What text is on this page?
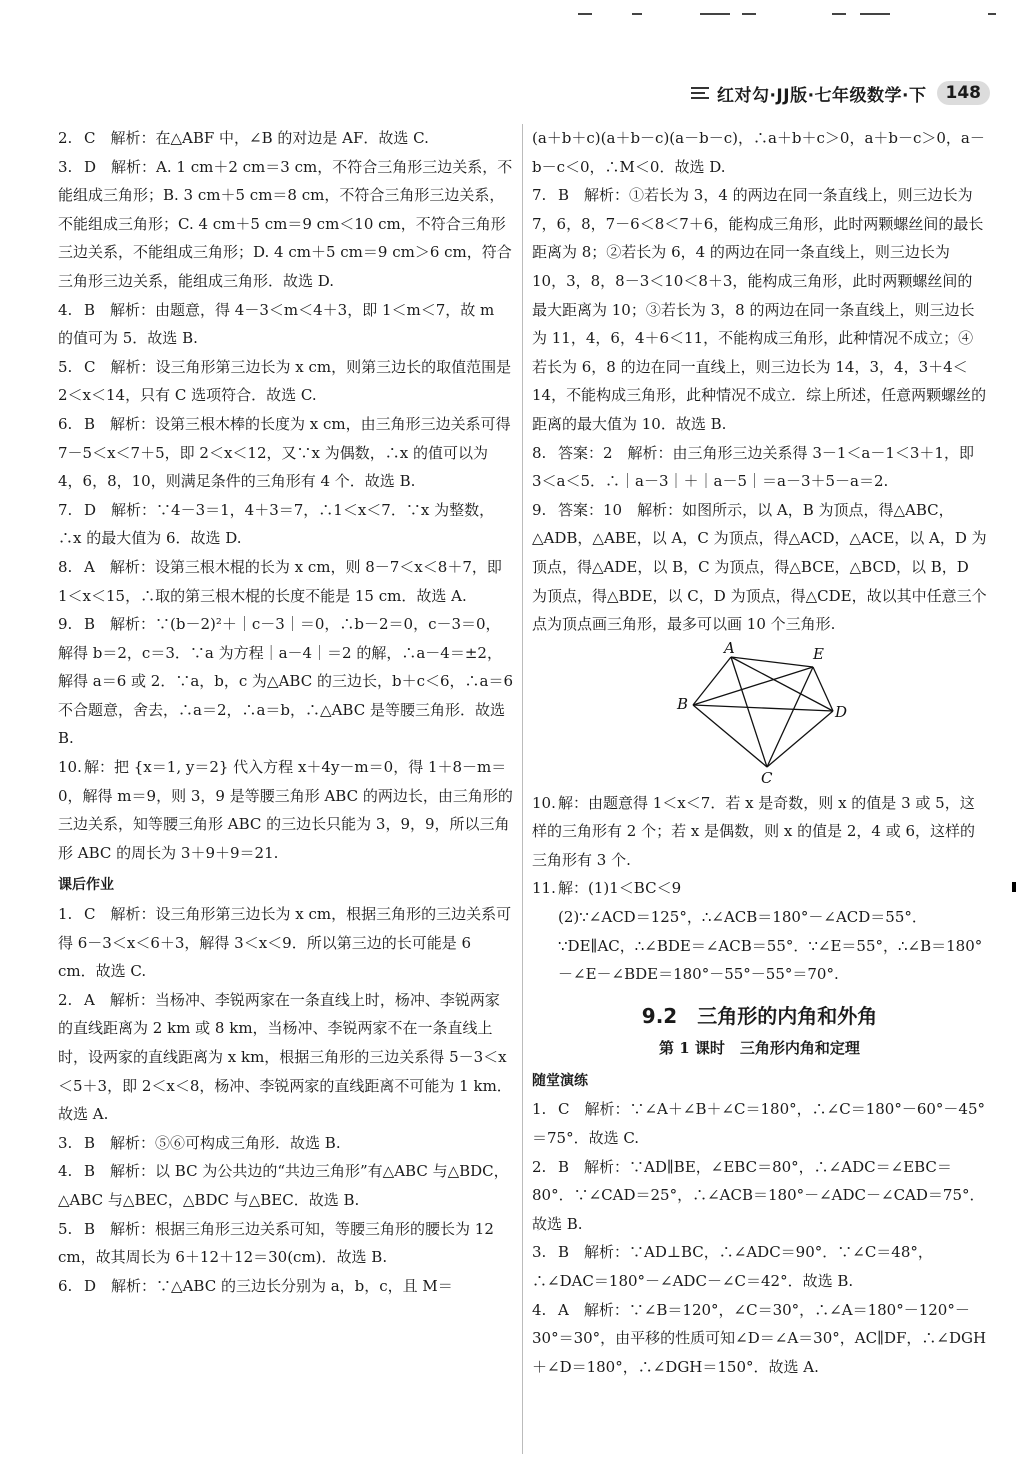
红对勾·JJ版·七年级数学·下	148
2. C　解析：在△ABF 中，∠B 的对边是 AF．故选 C.
3. D　解析：A. 1 cm＋2 cm＝3 cm，不符合三角形三边关系，不能组成三角形；B. 3 cm＋5 cm＝8 cm，不符合三角形三边关系，不能组成三角形；C. 4 cm＋5 cm＝9 cm＜10 cm，不符合三角形三边关系，不能组成三角形；D. 4 cm＋5 cm＝9 cm＞6 cm，符合三角形三边关系，能组成三角形．故选 D.
4. B　解析：由题意，得 4－3＜m＜4＋3，即 1＜m＜7，故 m 的值可为 5．故选 B.
5. C　解析：设三角形第三边长为 x cm，则第三边长的取值范围是 2＜x＜14，只有 C 选项符合．故选 C.
6. B　解析：设第三根木棒的长度为 x cm，由三角形三边关系可得 7－5＜x＜7＋5，即 2＜x＜12，又∵x 为偶数，∴x 的值可以为 4，6，8，10，则满足条件的三角形有 4 个．故选 B.
7. D　解析：∵4－3＝1，4＋3＝7，∴1＜x＜7．∵x 为整数，∴x 的最大值为 6．故选 D.
8. A　解析：设第三根木棍的长为 x cm，则 8－7＜x＜8＋7，即 1＜x＜15，∴取的第三根木棍的长度不能是 15 cm．故选 A.
9. B　解析：∵(b－2)²＋｜c－3｜＝0，∴b－2＝0，c－3＝0，解得 b＝2，c＝3．∵a 为方程｜a－4｜＝2 的解，∴a－4＝±2，解得 a＝6 或 2．∵a，b，c 为△ABC 的三边长，b＋c＜6，∴a＝6 不合题意，舍去，∴a＝2，∴a＝b，∴△ABC 是等腰三角形．故选 B.
10. 解：把 {x＝1, y＝2} 代入方程 x＋4y－m＝0，得 1＋8－m＝0，解得 m＝9，则 3，9 是等腰三角形 ABC 的两边长，由三角形的三边关系，知等腰三角形 ABC 的三边长只能为 3，9，9，所以三角形 ABC 的周长为 3＋9＋9＝21.
课后作业
1. C　解析：设三角形第三边长为 x cm，根据三角形的三边关系可得 6－3＜x＜6＋3，解得 3＜x＜9．所以第三边的长可能是 6 cm．故选 C.
2. A　解析：当杨冲、李锐两家在一条直线上时，杨冲、李锐两家的直线距离为 2 km 或 8 km，当杨冲、李锐两家不在一条直线上时，设两家的直线距离为 x km，根据三角形的三边关系得 5－3＜x＜5＋3，即 2＜x＜8，杨冲、李锐两家的直线距离不可能为 1 km．故选 A.
3. B　解析：⑤⑥可构成三角形．故选 B.
4. B　解析：以 BC 为公共边的“共边三角形”有△ABC 与△BDC，△ABC 与△BEC，△BDC 与△BEC．故选 B.
5. B　解析：根据三角形三边关系可知，等腰三角形的腰长为 12 cm，故其周长为 6＋12＋12＝30(cm)．故选 B.
6. D　解析：∵△ABC 的三边长分别为 a，b，c，且 M＝
(a＋b＋c)(a＋b－c)(a－b－c)，∴a＋b＋c＞0，a＋b－c＞0，a－b－c＜0，∴M＜0．故选 D.
7. B　解析：①若长为 3，4 的两边在同一条直线上，则三边长为 7，6，8，7－6＜8＜7＋6，能构成三角形，此时两颗螺丝间的最长距离为 8；②若长为 6，4 的两边在同一条直线上，则三边长为 10，3，8，8－3＜10＜8＋3，能构成三角形，此时两颗螺丝间的最大距离为 10；③若长为 3，8 的两边在同一条直线上，则三边长为 11，4，6，4＋6＜11，不能构成三角形，此种情况不成立；④若长为 6，8 的边在同一直线上，则三边长为 14，3，4，3＋4＜14，不能构成三角形，此种情况不成立．综上所述，任意两颗螺丝的距离的最大值为 10．故选 B.
8. 答案：2　解析：由三角形三边关系得 3－1＜a－1＜3＋1，即 3＜a＜5．∴｜a－3｜＋｜a－5｜＝a－3＋5－a＝2.
9. 答案：10　解析：如图所示，以 A，B 为顶点，得△ABC，△ADB，△ABE，以 A，C 为顶点，得△ACD，△ACE，以 A，D 为顶点，得△ADE，以 B，C 为顶点，得△BCE，△BCD，以 B，D 为顶点，得△BDE，以 C，D 为顶点，得△CDE，故以其中任意三个点为顶点画三角形，最多可以画 10 个三角形.
A	E
B	D
C
10. 解：由题意得 1＜x＜7．若 x 是奇数，则 x 的值是 3 或 5，这样的三角形有 2 个；若 x 是偶数，则 x 的值是 2，4 或 6，这样的三角形有 3 个.
11. 解：(1)1＜BC＜9
(2)∵∠ACD＝125°，∴∠ACB＝180°－∠ACD＝55°．∵DE∥AC，∴∠BDE＝∠ACB＝55°．∵∠E＝55°，∴∠B＝180°－∠E－∠BDE＝180°－55°－55°＝70°.
9.2　三角形的内角和外角
第 1 课时　三角形内角和定理
随堂演练
1. C　解析：∵∠A＋∠B＋∠C＝180°，∴∠C＝180°－60°－45°＝75°．故选 C.
2. B　解析：∵AD∥BE，∠EBC＝80°，∴∠ADC＝∠EBC＝80°．∵∠CAD＝25°，∴∠ACB＝180°－∠ADC－∠CAD＝75°．故选 B.
3. B　解析：∵AD⊥BC，∴∠ADC＝90°．∵∠C＝48°，∴∠DAC＝180°－∠ADC－∠C＝42°．故选 B.
4. A　解析：∵∠B＝120°，∠C＝30°，∴∠A＝180°－120°－30°＝30°，由平移的性质可知∠D＝∠A＝30°，AC∥DF，∴∠DGH＋∠D＝180°，∴∠DGH＝150°．故选 A.
